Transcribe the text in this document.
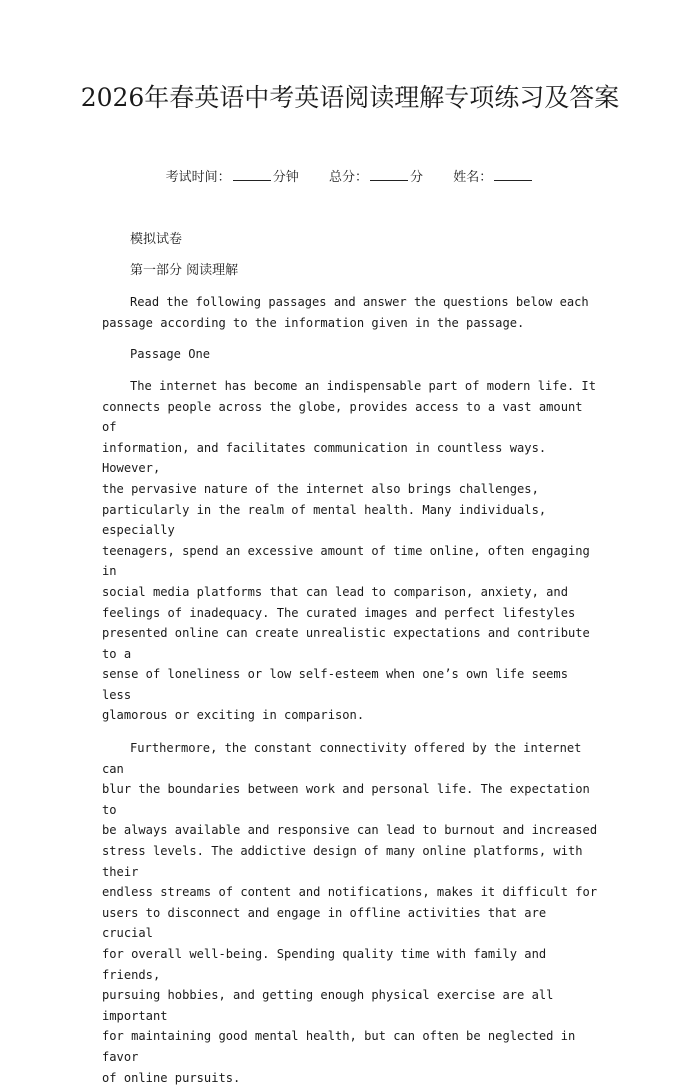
2026年春英语中考英语阅读理解专项练习及答案
考试时间：	分钟 总分：	分 姓名：

模拟试卷

第一部分 阅读理解

Read the following passages and answer the questions below each
passage according to the information given in the passage.

Passage One

The internet has become an indispensable part of modern life. It
connects people across the globe, provides access to a vast amount of
information, and facilitates communication in countless ways. However,
the pervasive nature of the internet also brings challenges,
particularly in the realm of mental health. Many individuals, especially
teenagers, spend an excessive amount of time online, often engaging in
social media platforms that can lead to comparison, anxiety, and
feelings of inadequacy. The curated images and perfect lifestyles
presented online can create unrealistic expectations and contribute to a
sense of loneliness or low self-esteem when one’s own life seems less
glamorous or exciting in comparison.

Furthermore, the constant connectivity offered by the internet can
blur the boundaries between work and personal life. The expectation to
be always available and responsive can lead to burnout and increased
stress levels. The addictive design of many online platforms, with their
endless streams of content and notifications, makes it difficult for
users to disconnect and engage in offline activities that are crucial
for overall well-being. Spending quality time with family and friends,
pursuing hobbies, and getting enough physical exercise are all important
for maintaining good mental health, but can often be neglected in favor
of online pursuits.
